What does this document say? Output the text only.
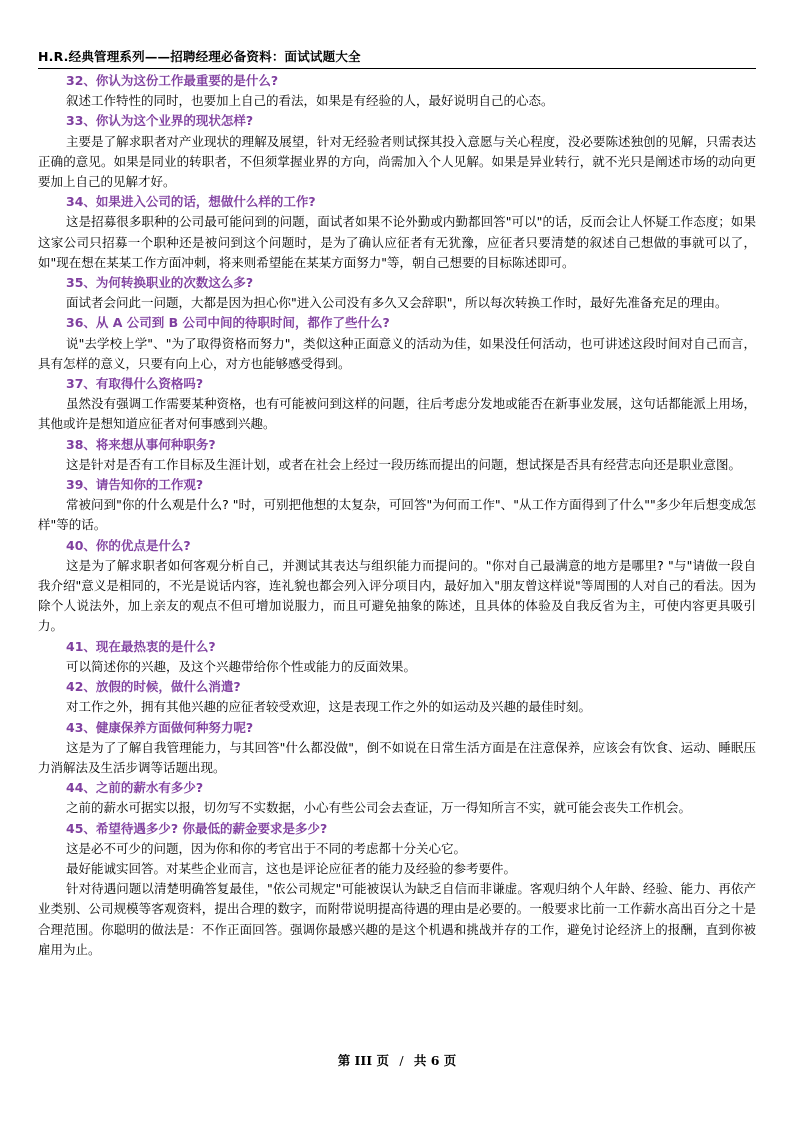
H.R.经典管理系列——招聘经理必备资料：面试试题大全

32、你认为这份工作最重要的是什么?

叙述工作特性的同时，也要加上自己的看法，如果是有经验的人，最好说明自己的心态。

33、你认为这个业界的现状怎样?

主要是了解求职者对产业现状的理解及展望，针对无经验者则试探其投入意愿与关心程度，没必要陈述独创的见解，只需表达正确的意见。如果是同业的转职者，不但须掌握业界的方向，尚需加入个人见解。如果是异业转行，就不光只是阐述市场的动向更要加上自己的见解才好。

34、如果进入公司的话，想做什么样的工作?

这是招募很多职种的公司最可能问到的问题，面试者如果不论外勤或内勤都回答"可以"的话，反而会让人怀疑工作态度；如果这家公司只招募一个职种还是被问到这个问题时，是为了确认应征者有无犹豫，应征者只要清楚的叙述自己想做的事就可以了，如"现在想在某某工作方面冲刺，将来则希望能在某某方面努力"等，朝自己想要的目标陈述即可。

35、为何转换职业的次数这么多?

面试者会问此一问题，大都是因为担心你"进入公司没有多久又会辞职"，所以每次转换工作时，最好先准备充足的理由。

36、从 A 公司到 B 公司中间的待职时间，都作了些什么?

说"去学校上学"、"为了取得资格而努力"，类似这种正面意义的活动为佳，如果没任何活动，也可讲述这段时间对自己而言，具有怎样的意义，只要有向上心，对方也能够感受得到。

37、有取得什么资格吗?

虽然没有强调工作需要某种资格，也有可能被问到这样的问题，往后考虑分发地或能否在新事业发展，这句话都能派上用场，其他或许是想知道应征者对何事感到兴趣。

38、将来想从事何种职务?

这是针对是否有工作目标及生涯计划，或者在社会上经过一段历练而提出的问题，想试探是否具有经营志向还是职业意图。

39、请告知你的工作观?

常被问到"你的什么观是什么? "时，可别把他想的太复杂，可回答"为何而工作"、"从工作方面得到了什么""多少年后想变成怎样"等的话。

40、你的优点是什么?

这是为了解求职者如何客观分析自己，并测试其表达与组织能力而提问的。"你对自己最满意的地方是哪里? "与"请做一段自我介绍"意义是相同的，不光是说话内容，连礼貌也都会列入评分项目内，最好加入"朋友曾这样说"等周围的人对自己的看法。因为除个人说法外，加上亲友的观点不但可增加说服力，而且可避免抽象的陈述，且具体的体验及自我反省为主，可使内容更具吸引力。

41、现在最热衷的是什么?

可以简述你的兴趣，及这个兴趣带给你个性或能力的反面效果。

42、放假的时候，做什么消遣?

对工作之外，拥有其他兴趣的应征者较受欢迎，这是表现工作之外的如运动及兴趣的最佳时刻。

43、健康保养方面做何种努力呢?

这是为了了解自我管理能力，与其回答"什么都没做"，倒不如说在日常生活方面是在注意保养，应该会有饮食、运动、睡眠压力消解法及生活步调等话题出现。

44、之前的薪水有多少?

之前的薪水可据实以报，切勿写不实数据，小心有些公司会去查证，万一得知所言不实，就可能会丧失工作机会。

45、希望待遇多少? 你最低的薪金要求是多少?

这是必不可少的问题，因为你和你的考官出于不同的考虑都十分关心它。

最好能诚实回答。对某些企业而言，这也是评论应征者的能力及经验的参考要件。

针对待遇问题以清楚明确答复最佳，"依公司规定"可能被误认为缺乏自信而非谦虚。客观归纳个人年龄、经验、能力、再依产业类别、公司规模等客观资料，提出合理的数字，而附带说明提高待遇的理由是必要的。一般要求比前一工作薪水高出百分之十是合理范围。你聪明的做法是：不作正面回答。强调你最感兴趣的是这个机遇和挑战并存的工作，避免讨论经济上的报酬，直到你被雇用为止。

第 III 页 / 共 6 页
